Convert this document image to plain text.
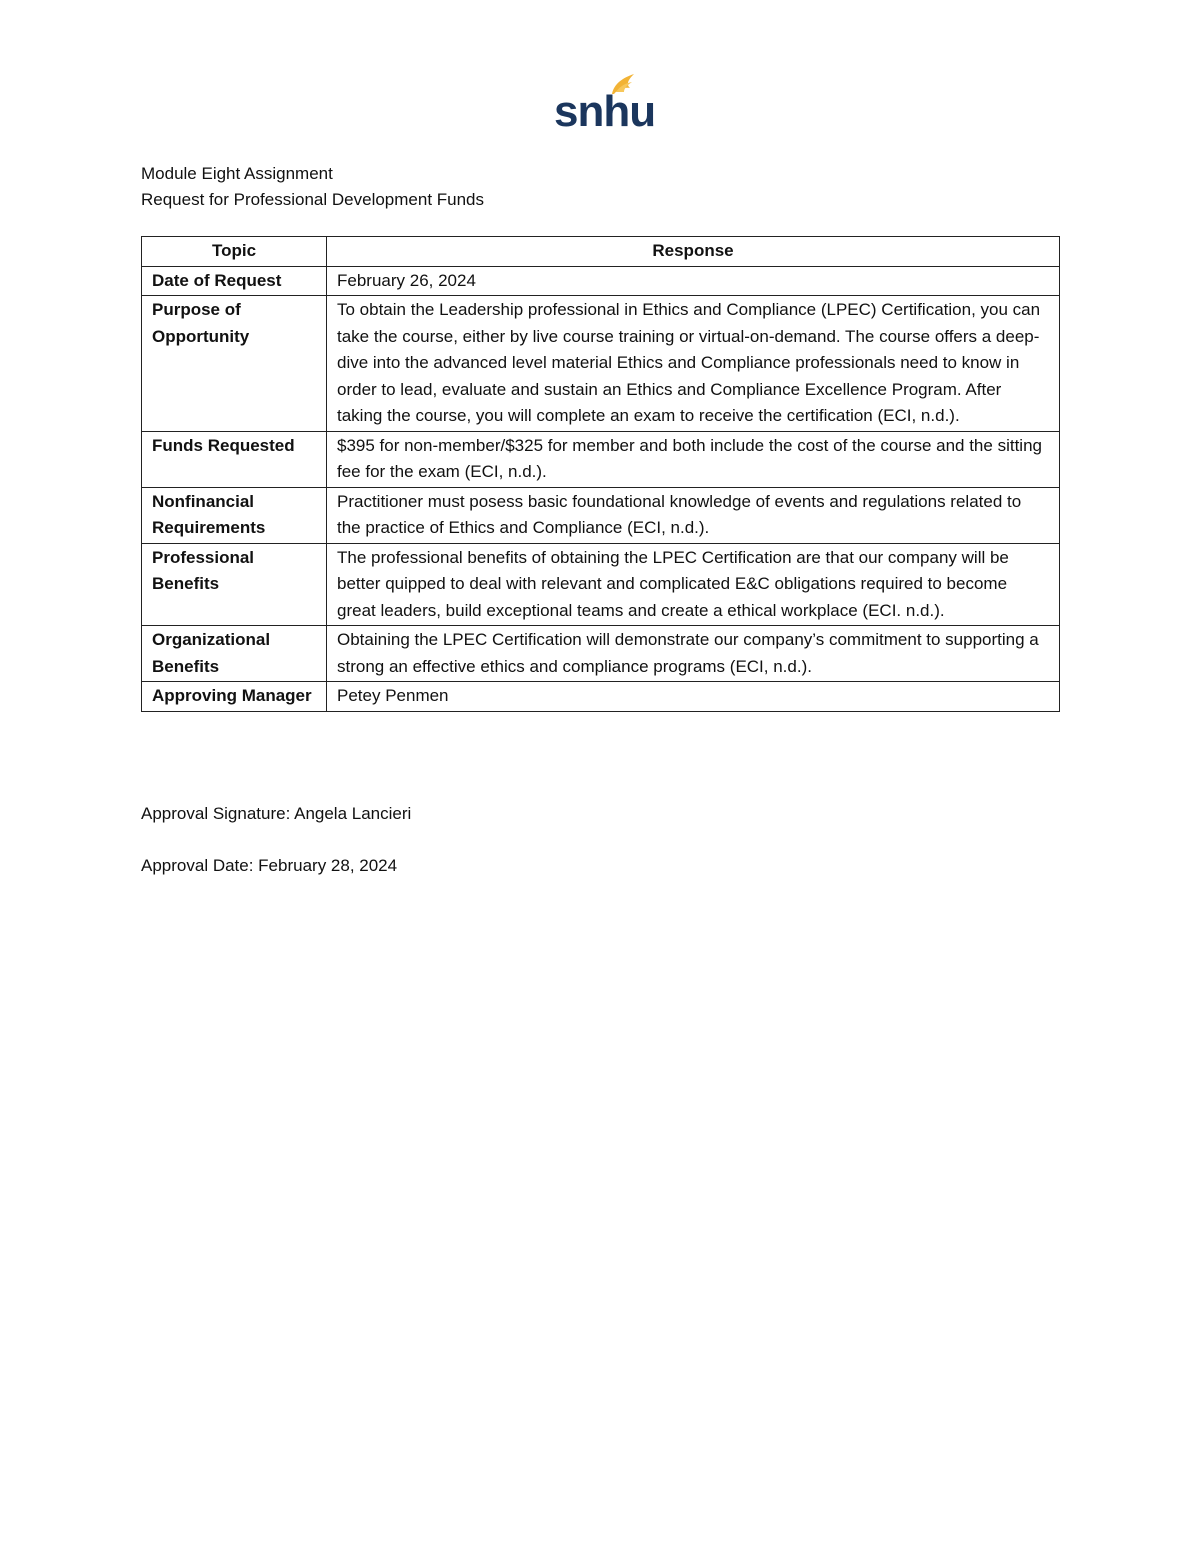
snhu
Module Eight Assignment
Request for Professional Development Funds
Topic	Response
Date of Request	February 26, 2024
Purpose of Opportunity	To obtain the Leadership professional in Ethics and Compliance (LPEC) Certification, you can take the course, either by live course training or virtual-on-demand. The course offers a deep-dive into the advanced level material Ethics and Compliance professionals need to know in order to lead, evaluate and sustain an Ethics and Compliance Excellence Program. After taking the course, you will complete an exam to receive the certification (ECI, n.d.).
Funds Requested	$395 for non-member/$325 for member and both include the cost of the course and the sitting fee for the exam (ECI, n.d.).
Nonfinancial Requirements	Practitioner must posess basic foundational knowledge of events and regulations related to the practice of Ethics and Compliance (ECI, n.d.).
Professional Benefits	The professional benefits of obtaining the LPEC Certification are that our company will be better quipped to deal with relevant and complicated E&C obligations required to become great leaders, build exceptional teams and create a ethical workplace (ECI. n.d.).
Organizational Benefits	Obtaining the LPEC Certification will demonstrate our company’s commitment to supporting a strong an effective ethics and compliance programs (ECI, n.d.).
Approving Manager	Petey Penmen
Approval Signature: Angela Lancieri
Approval Date: February 28, 2024
